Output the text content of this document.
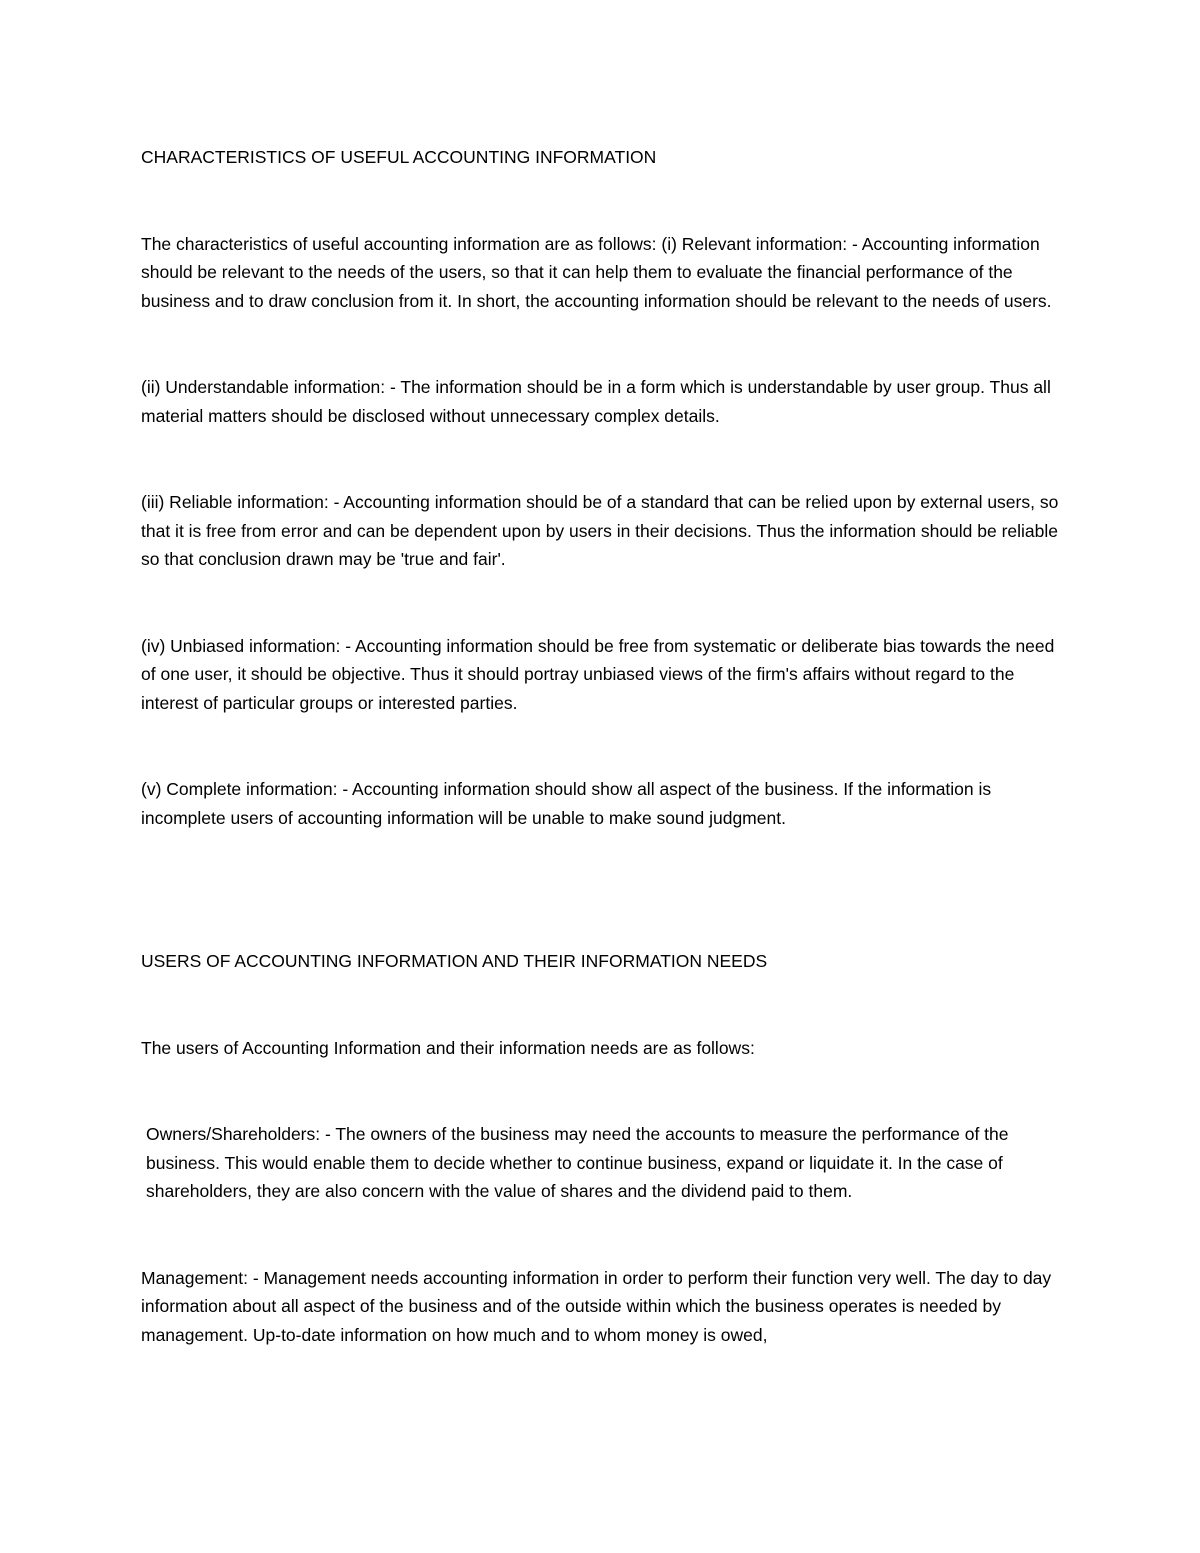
CHARACTERISTICS OF USEFUL ACCOUNTING INFORMATION

The characteristics of useful accounting information are as follows: (i) Relevant information: - Accounting information should be relevant to the needs of the users, so that it can help them to evaluate the financial performance of the business and to draw conclusion from it. In short, the accounting information should be relevant to the needs of users.

(ii) Understandable information: - The information should be in a form which is understandable by user group. Thus all material matters should be disclosed without unnecessary complex details.

(iii) Reliable information: - Accounting information should be of a standard that can be relied upon by external users, so that it is free from error and can be dependent upon by users in their decisions. Thus the information should be reliable so that conclusion drawn may be 'true and fair'.

(iv) Unbiased information: - Accounting information should be free from systematic or deliberate bias towards the need of one user, it should be objective. Thus it should portray unbiased views of the firm's affairs without regard to the interest of particular groups or interested parties.

(v) Complete information: - Accounting information should show all aspect of the business. If the information is incomplete users of accounting information will be unable to make sound judgment.

USERS OF ACCOUNTING INFORMATION AND THEIR INFORMATION NEEDS

The users of Accounting Information and their information needs are as follows:

Owners/Shareholders: - The owners of the business may need the accounts to measure the performance of the business. This would enable them to decide whether to continue business, expand or liquidate it. In the case of shareholders, they are also concern with the value of shares and the dividend paid to them.

Management: - Management needs accounting information in order to perform their function very well. The day to day information about all aspect of the business and of the outside within which the business operates is needed by management. Up-to-date information on how much and to whom money is owed,
